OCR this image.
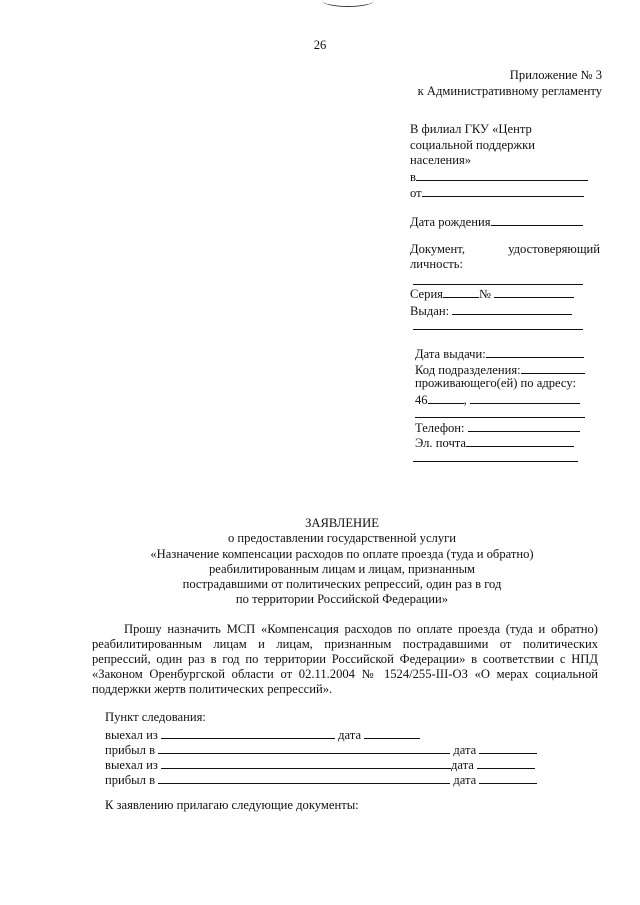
26
Приложение № 3
к Административному регламенту
В филиал ГКУ «Центр
социальной поддержки
населения»
в
от
Дата рождения
Документ,	удостоверяющий
личность:
Серия	№
Выдан:
Дата выдачи:
Код подразделения:
проживающего(ей) по адресу:
46	,
Телефон:
Эл. почта
ЗАЯВЛЕНИЕ
о предоставлении государственной услуги
«Назначение компенсации расходов по оплате проезда (туда и обратно)
реабилитированным лицам и лицам, признанным
пострадавшими от политических репрессий, один раз в год
по территории Российской Федерации»
Прошу назначить МСП «Компенсация расходов по оплате проезда (туда и обратно)
реабилитированным лицам и лицам, признанным пострадавшими от политических
репрессий, один раз в год по территории Российской Федерации» в соответствии с НПД
«Законом Оренбургской области от 02.11.2004 № 1524/255-III-ОЗ «О мерах социальной
поддержки жертв политических репрессий».
Пункт следования:
выехал из	дата
прибыл в	дата
выехал из	дата
прибыл в	дата
К заявлению прилагаю следующие документы:
